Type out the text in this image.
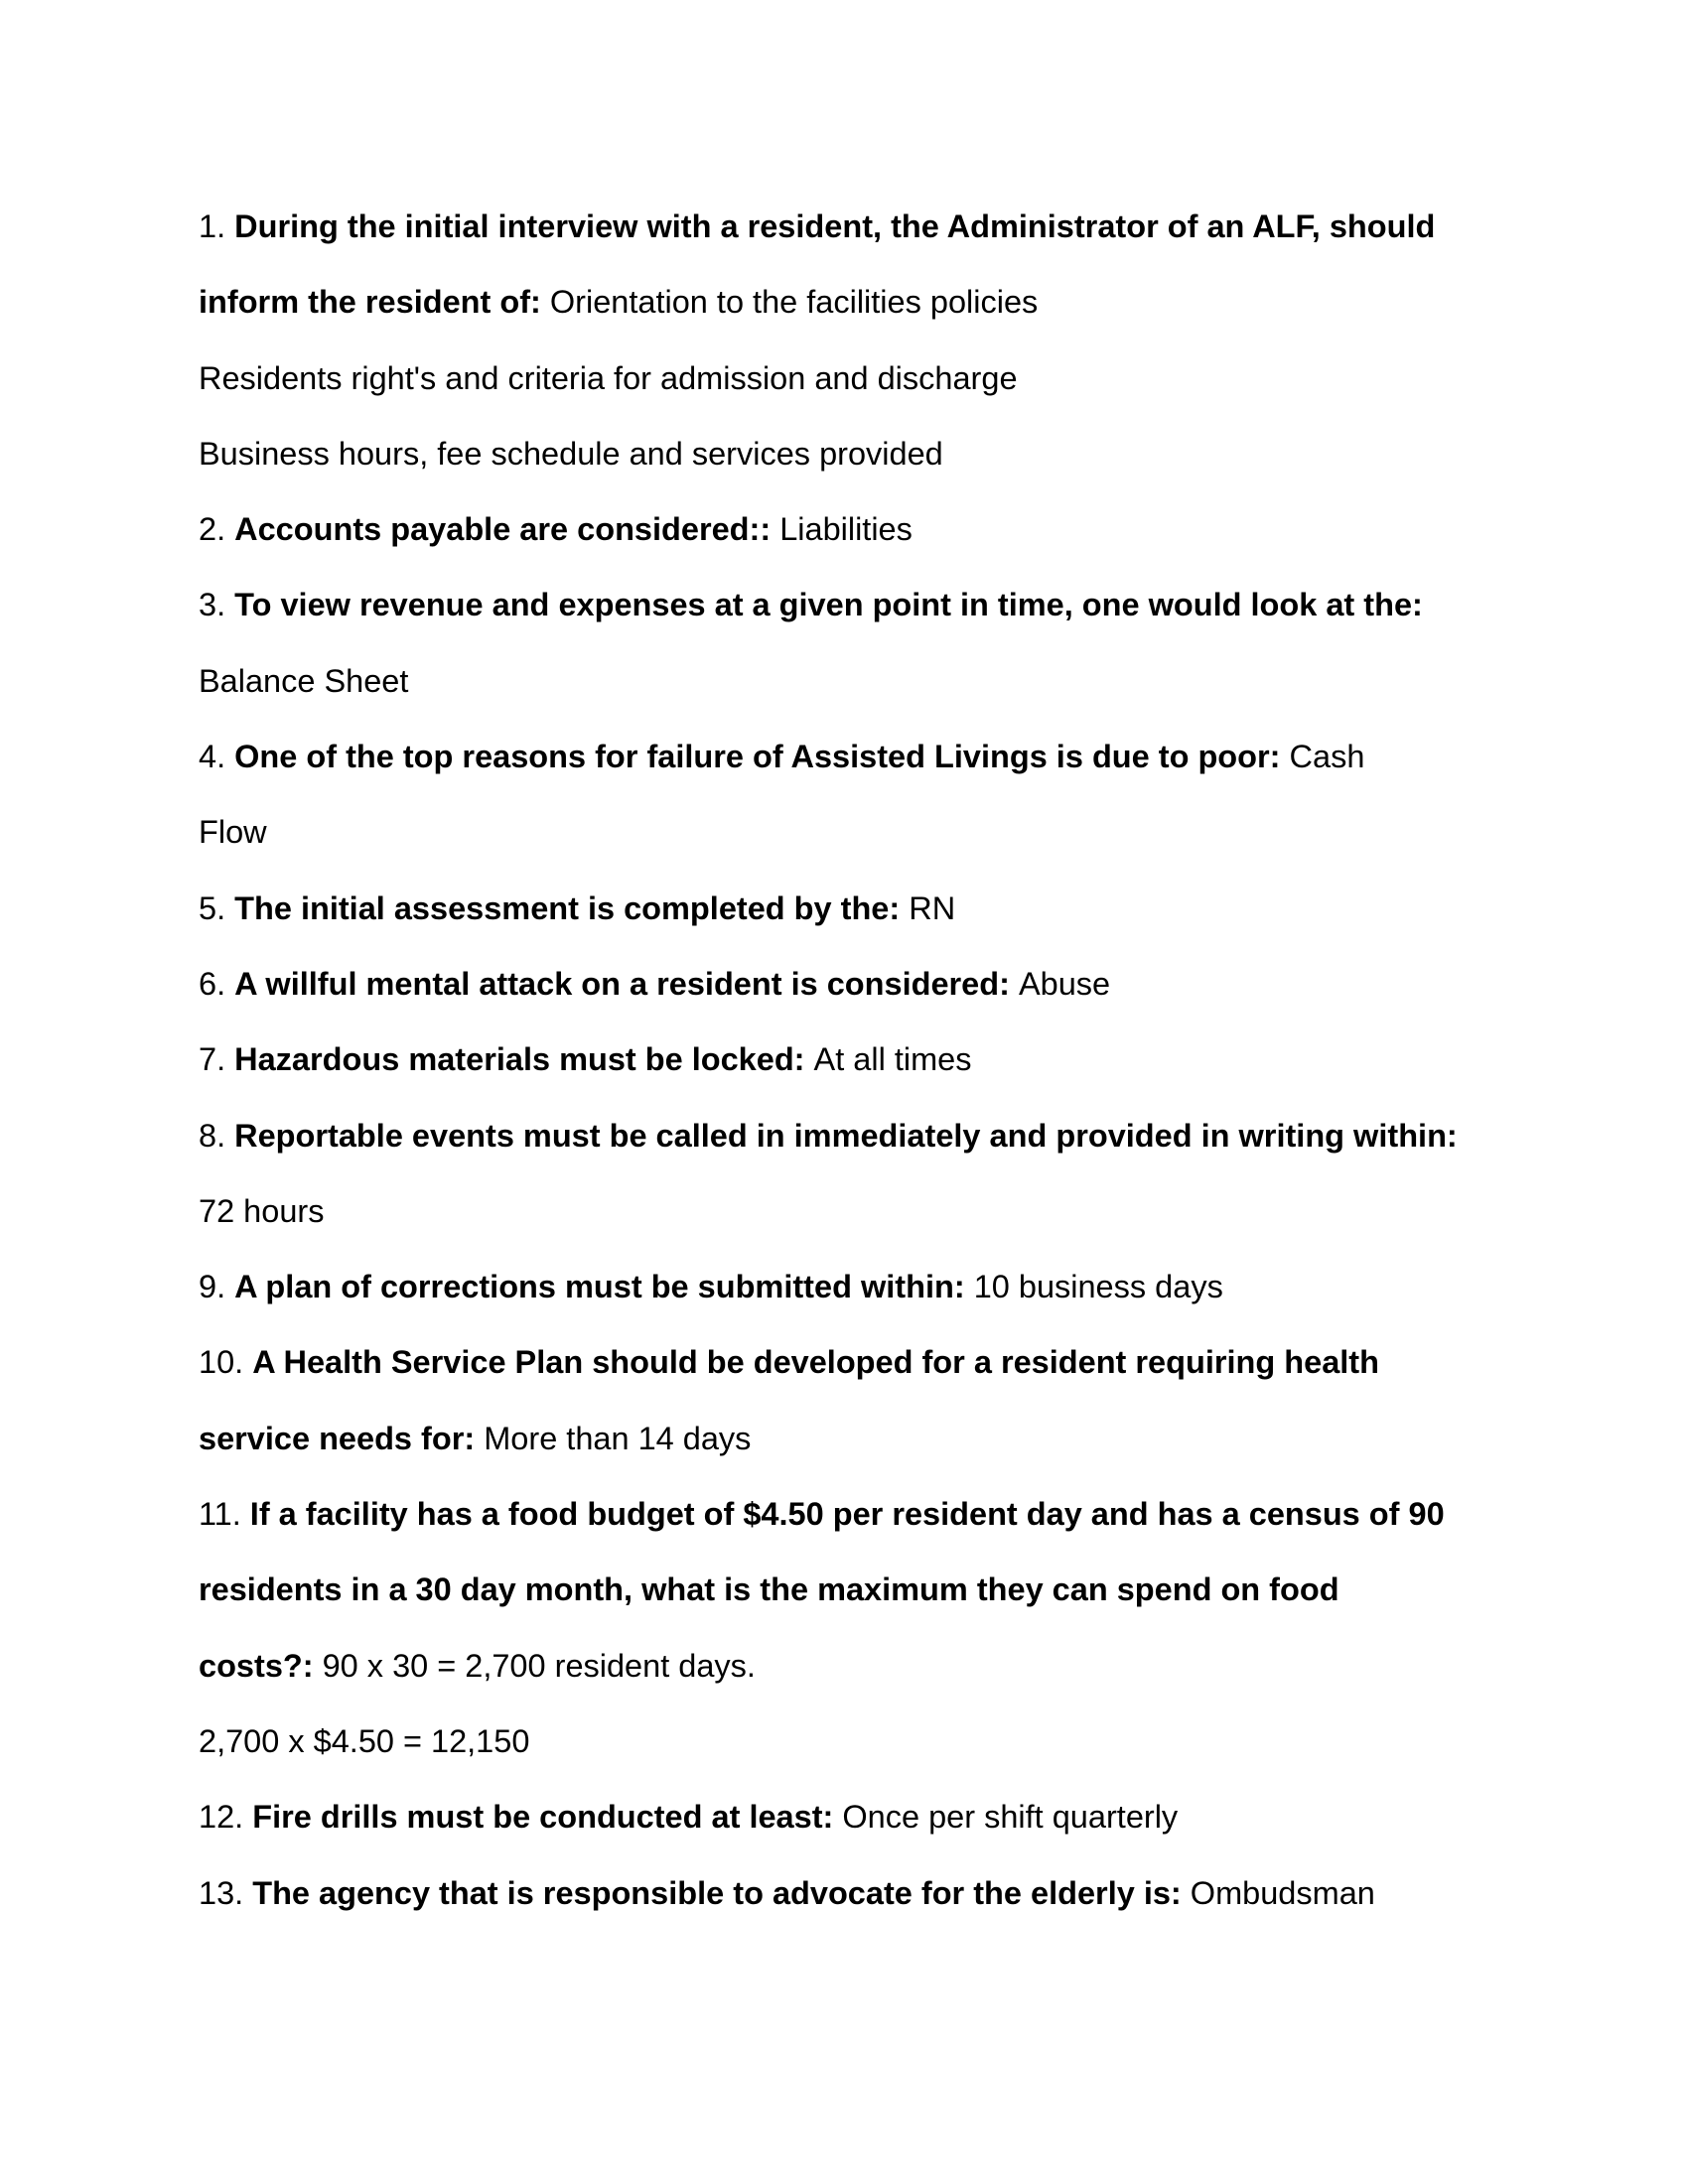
1. During the initial interview with a resident, the Administrator of an ALF, should

inform the resident of: Orientation to the facilities policies

Residents right's and criteria for admission and discharge

Business hours, fee schedule and services provided

2. Accounts payable are considered:: Liabilities

3. To view revenue and expenses at a given point in time, one would look at the:

Balance Sheet

4. One of the top reasons for failure of Assisted Livings is due to poor: Cash

Flow

5. The initial assessment is completed by the: RN

6. A willful mental attack on a resident is considered: Abuse

7. Hazardous materials must be locked: At all times

8. Reportable events must be called in immediately and provided in writing within:

72 hours

9. A plan of corrections must be submitted within: 10 business days

10. A Health Service Plan should be developed for a resident requiring health

service needs for: More than 14 days

11. If a facility has a food budget of $4.50 per resident day and has a census of 90

residents in a 30 day month, what is the maximum they can spend on food

costs?: 90 x 30 = 2,700 resident days.

2,700 x $4.50 = 12,150

12. Fire drills must be conducted at least: Once per shift quarterly

13. The agency that is responsible to advocate for the elderly is: Ombudsman
